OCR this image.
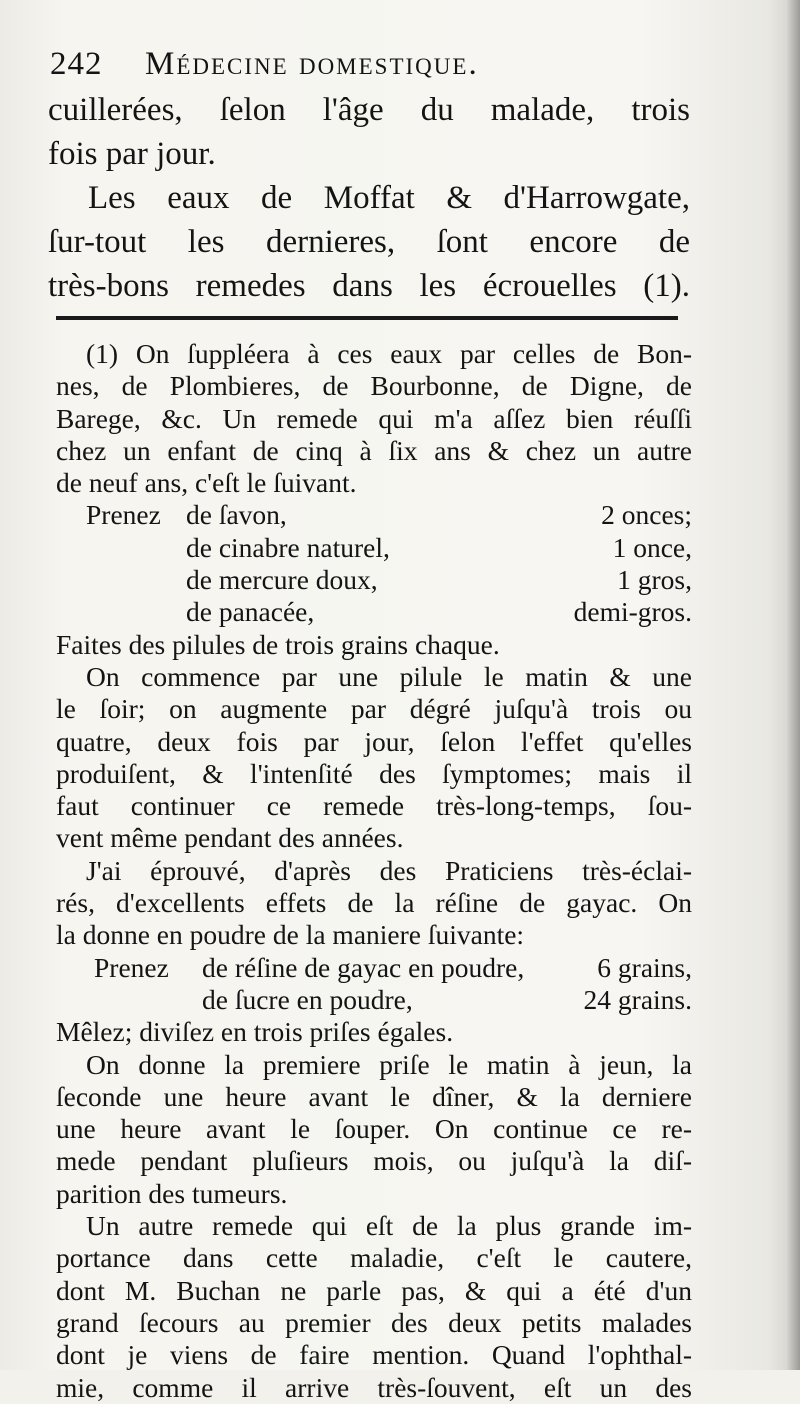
242 Médecine domestique.
cuillerées, ſelon l'âge du malade, trois
fois par jour.
Les eaux de Moffat & d'Harrowgate,
ſur-tout les dernieres, ſont encore de
très-bons remedes dans les écrouelles (1).
(1) On ſuppléera à ces eaux par celles de Bon-
nes, de Plombieres, de Bourbonne, de Digne, de
Barege, &c. Un remede qui m'a aſſez bien réuſſi
chez un enfant de cinq à ſix ans & chez un autre
de neuf ans, c'eſt le ſuivant.
Prenez de ſavon,	2 onces;
de cinabre naturel,	1 once,
de mercure doux,	1 gros,
de panacée,	demi-gros.
Faites des pilules de trois grains chaque.
On commence par une pilule le matin & une
le ſoir; on augmente par dégré juſqu'à trois ou
quatre, deux fois par jour, ſelon l'effet qu'elles
produiſent, & l'intenſité des ſymptomes; mais il
faut continuer ce remede très-long-temps, ſou-
vent même pendant des années.
J'ai éprouvé, d'après des Praticiens très-éclai-
rés, d'excellents effets de la réſine de gayac. On
la donne en poudre de la maniere ſuivante:
Prenez de réſine de gayac en poudre,	6 grains,
de ſucre en poudre,	24 grains.
Mêlez; diviſez en trois priſes égales.
On donne la premiere priſe le matin à jeun, la
ſeconde une heure avant le dîner, & la derniere
une heure avant le ſouper. On continue ce re-
mede pendant pluſieurs mois, ou juſqu'à la diſ-
parition des tumeurs.
Un autre remede qui eſt de la plus grande im-
portance dans cette maladie, c'eſt le cautere,
dont M. Buchan ne parle pas, & qui a été d'un
grand ſecours au premier des deux petits malades
dont je viens de faire mention. Quand l'ophthal-
mie, comme il arrive très-ſouvent, eſt un des
